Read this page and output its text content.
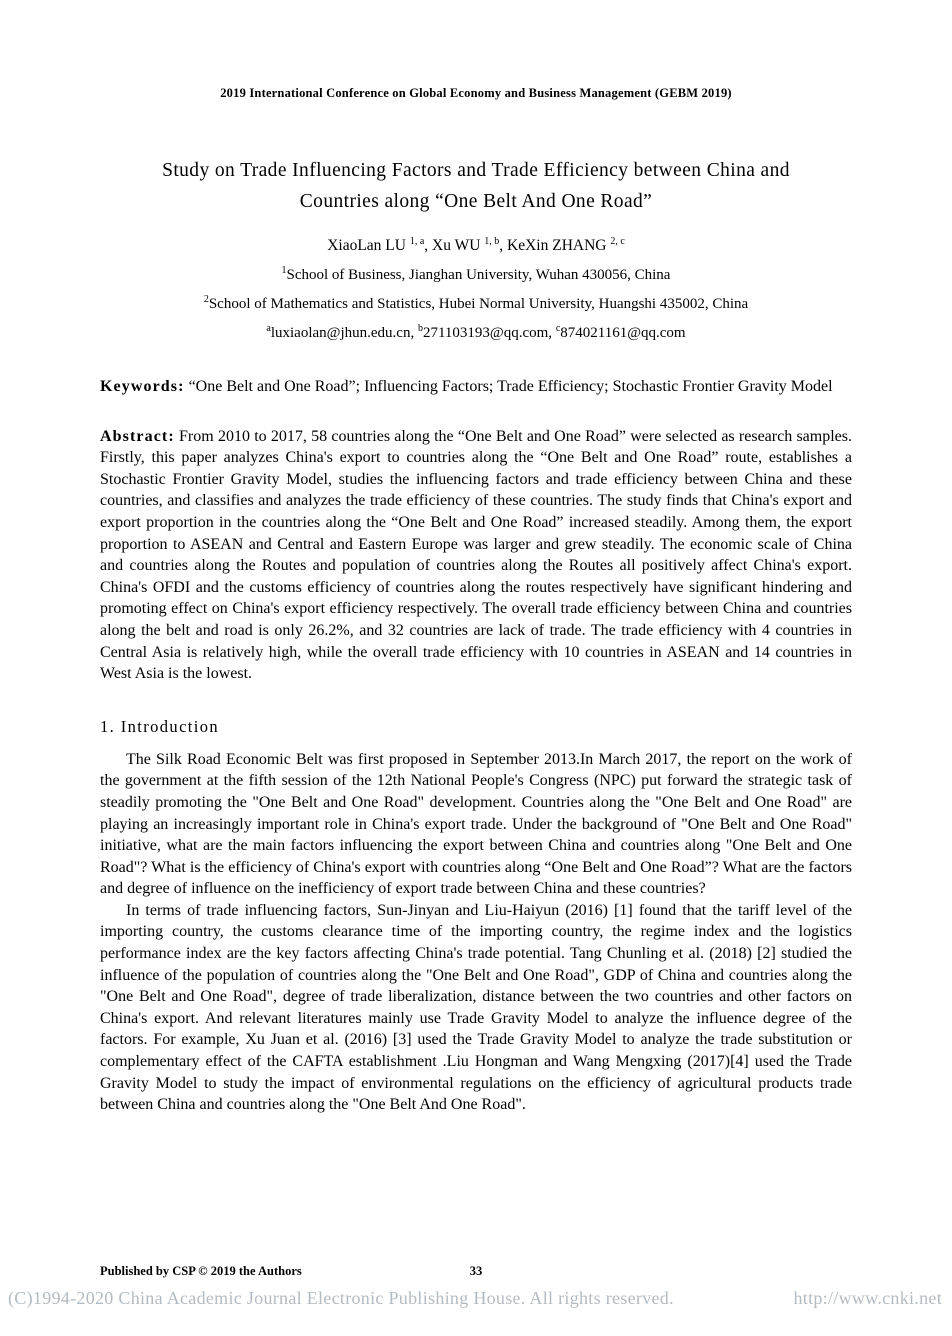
2019 International Conference on Global Economy and Business Management (GEBM 2019)
Study on Trade Influencing Factors and Trade Efficiency between China and Countries along “One Belt And One Road”
XiaoLan LU $^{1, a}$, Xu WU $^{1, b}$, KeXin ZHANG $^{2, c}$
$^1$School of Business, Jianghan University, Wuhan 430056, China
$^2$School of Mathematics and Statistics, Hubei Normal University, Huangshi 435002, China
$^a$luxiaolan@jhun.edu.cn, $^b$271103193@qq.com, $^c$874021161@qq.com

Keywords: “One Belt and One Road”; Influencing Factors; Trade Efficiency; Stochastic Frontier Gravity Model

Abstract: From 2010 to 2017, 58 countries along the “One Belt and One Road” were selected as research samples. Firstly, this paper analyzes China's export to countries along the “One Belt and One Road” route, establishes a Stochastic Frontier Gravity Model, studies the influencing factors and trade efficiency between China and these countries, and classifies and analyzes the trade efficiency of these countries. The study finds that China's export and export proportion in the countries along the “One Belt and One Road” increased steadily. Among them, the export proportion to ASEAN and Central and Eastern Europe was larger and grew steadily. The economic scale of China and countries along the Routes and population of countries along the Routes all positively affect China's export. China's OFDI and the customs efficiency of countries along the routes respectively have significant hindering and promoting effect on China's export efficiency respectively. The overall trade efficiency between China and countries along the belt and road is only 26.2%, and 32 countries are lack of trade. The trade efficiency with 4 countries in Central Asia is relatively high, while the overall trade efficiency with 10 countries in ASEAN and 14 countries in West Asia is the lowest.

1. Introduction

The Silk Road Economic Belt was first proposed in September 2013.In March 2017, the report on the work of the government at the fifth session of the 12th National People's Congress (NPC) put forward the strategic task of steadily promoting the "One Belt and One Road" development. Countries along the "One Belt and One Road" are playing an increasingly important role in China's export trade. Under the background of "One Belt and One Road" initiative, what are the main factors influencing the export between China and countries along "One Belt and One Road"? What is the efficiency of China's export with countries along “One Belt and One Road”? What are the factors and degree of influence on the inefficiency of export trade between China and these countries?

In terms of trade influencing factors, Sun-Jinyan and Liu-Haiyun (2016) [1] found that the tariff level of the importing country, the customs clearance time of the importing country, the regime index and the logistics performance index are the key factors affecting China's trade potential. Tang Chunling et al. (2018) [2] studied the influence of the population of countries along the "One Belt and One Road", GDP of China and countries along the "One Belt and One Road", degree of trade liberalization, distance between the two countries and other factors on China's export. And relevant literatures mainly use Trade Gravity Model to analyze the influence degree of the factors. For example, Xu Juan et al. (2016) [3] used the Trade Gravity Model to analyze the trade substitution or complementary effect of the CAFTA establishment .Liu Hongman and Wang Mengxing (2017)[4] used the Trade Gravity Model to study the impact of environmental regulations on the efficiency of agricultural products trade between China and countries along the "One Belt And One Road".

Published by CSP © 2019 the Authors	33
(C)1994-2020 China Academic Journal Electronic Publishing House. All rights reserved.	http://www.cnki.net
